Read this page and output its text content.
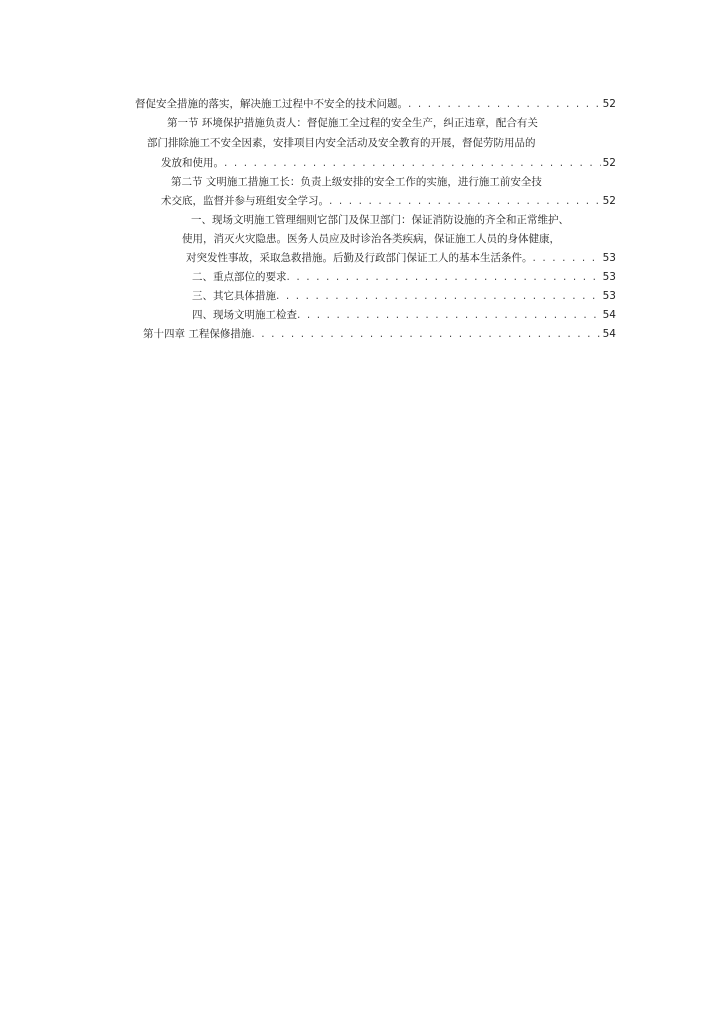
督促安全措施的落实，解决施工过程中不安全的技术问题。 . . .	52
第一节 环境保护措施负责人：督促施工全过程的安全生产，纠正违章，配合有关
部门排除施工不安全因素，安排项目内安全活动及安全教育的开展，督促劳防用品的
发放和使用。 . . .	52
第二节 文明施工措施工长：负责上级安排的安全工作的实施，进行施工前安全技
术交底，监督并参与班组安全学习。 . . .	52
一、现场文明施工管理细则它部门及保卫部门：保证消防设施的齐全和正常维护、
使用，消灭火灾隐患。医务人员应及时诊治各类疾病，保证施工人员的身体健康，
对突发性事故，采取急救措施。后勤及行政部门保证工人的基本生活条件。 . . .	53
二、重点部位的要求 . . .	53
三、其它具体措施 . . .	53
四、现场文明施工检查 . . .	54
第十四章 工程保修措施 . . .	54
